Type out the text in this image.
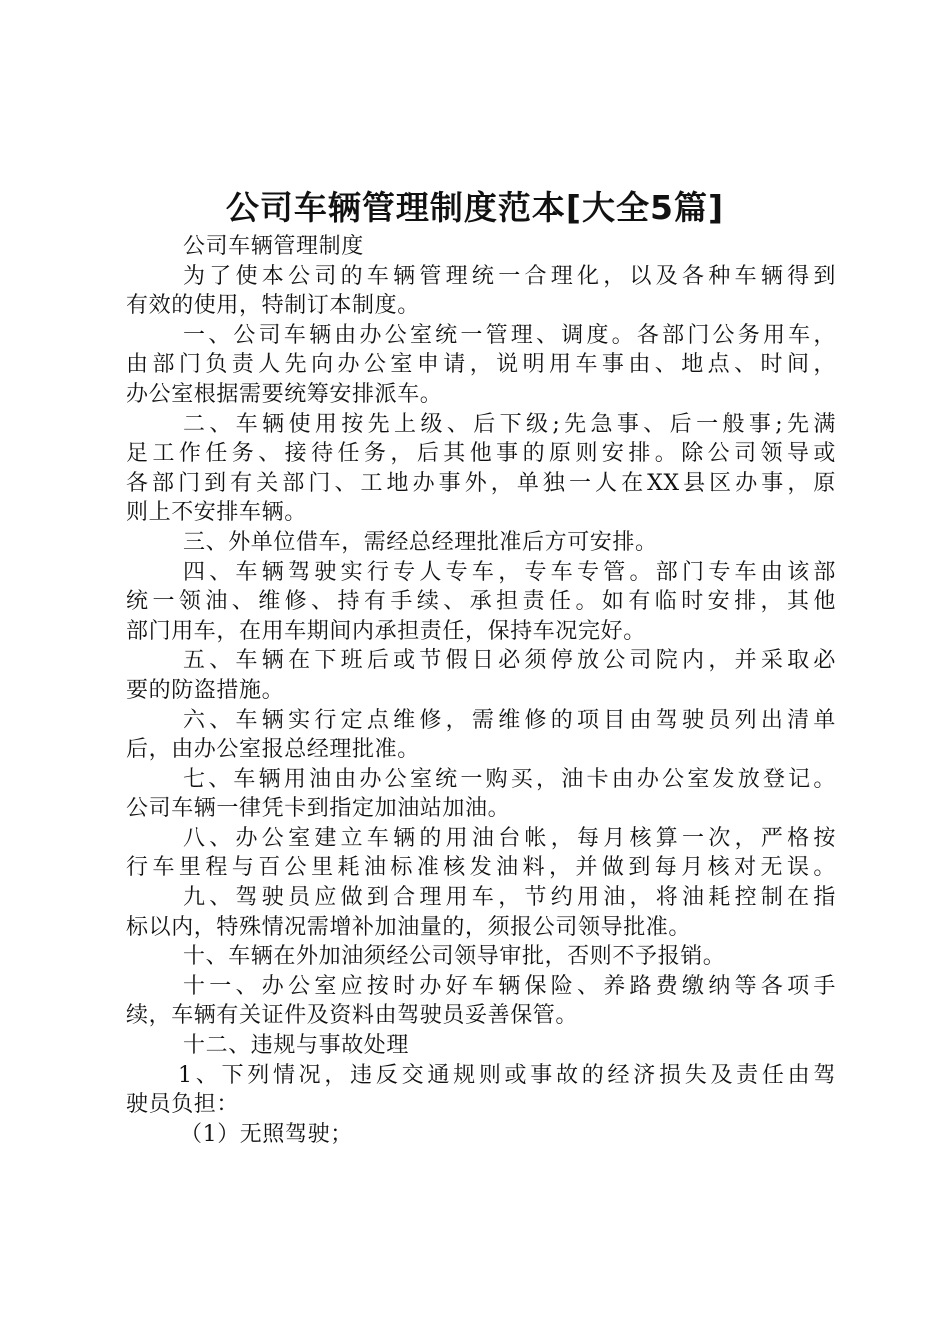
公司车辆管理制度范本[大全5篇]
公司车辆管理制度
为了使本公司的车辆管理统一合理化，以及各种车辆得到
有效的使用，特制订本制度。
一、公司车辆由办公室统一管理、调度。各部门公务用车，
由部门负责人先向办公室申请，说明用车事由、地点、时间，
办公室根据需要统筹安排派车。
二、车辆使用按先上级、后下级;先急事、后一般事;先满
足工作任务、接待任务，后其他事的原则安排。除公司领导或
各部门到有关部门、工地办事外，单独一人在XX县区办事，原
则上不安排车辆。
三、外单位借车，需经总经理批准后方可安排。
四、车辆驾驶实行专人专车，专车专管。部门专车由该部
统一领油、维修、持有手续、承担责任。如有临时安排，其他
部门用车，在用车期间内承担责任，保持车况完好。
五、车辆在下班后或节假日必须停放公司院内，并采取必
要的防盗措施。
六、车辆实行定点维修，需维修的项目由驾驶员列出清单
后，由办公室报总经理批准。
七、车辆用油由办公室统一购买，油卡由办公室发放登记。
公司车辆一律凭卡到指定加油站加油。
八、办公室建立车辆的用油台帐，每月核算一次，严格按
行车里程与百公里耗油标准核发油料，并做到每月核对无误。
九、驾驶员应做到合理用车，节约用油，将油耗控制在指
标以内，特殊情况需增补加油量的，须报公司领导批准。
十、车辆在外加油须经公司领导审批，否则不予报销。
十一、办公室应按时办好车辆保险、养路费缴纳等各项手
续，车辆有关证件及资料由驾驶员妥善保管。
十二、违规与事故处理
1、下列情况，违反交通规则或事故的经济损失及责任由驾
驶员负担：
（1）无照驾驶；
